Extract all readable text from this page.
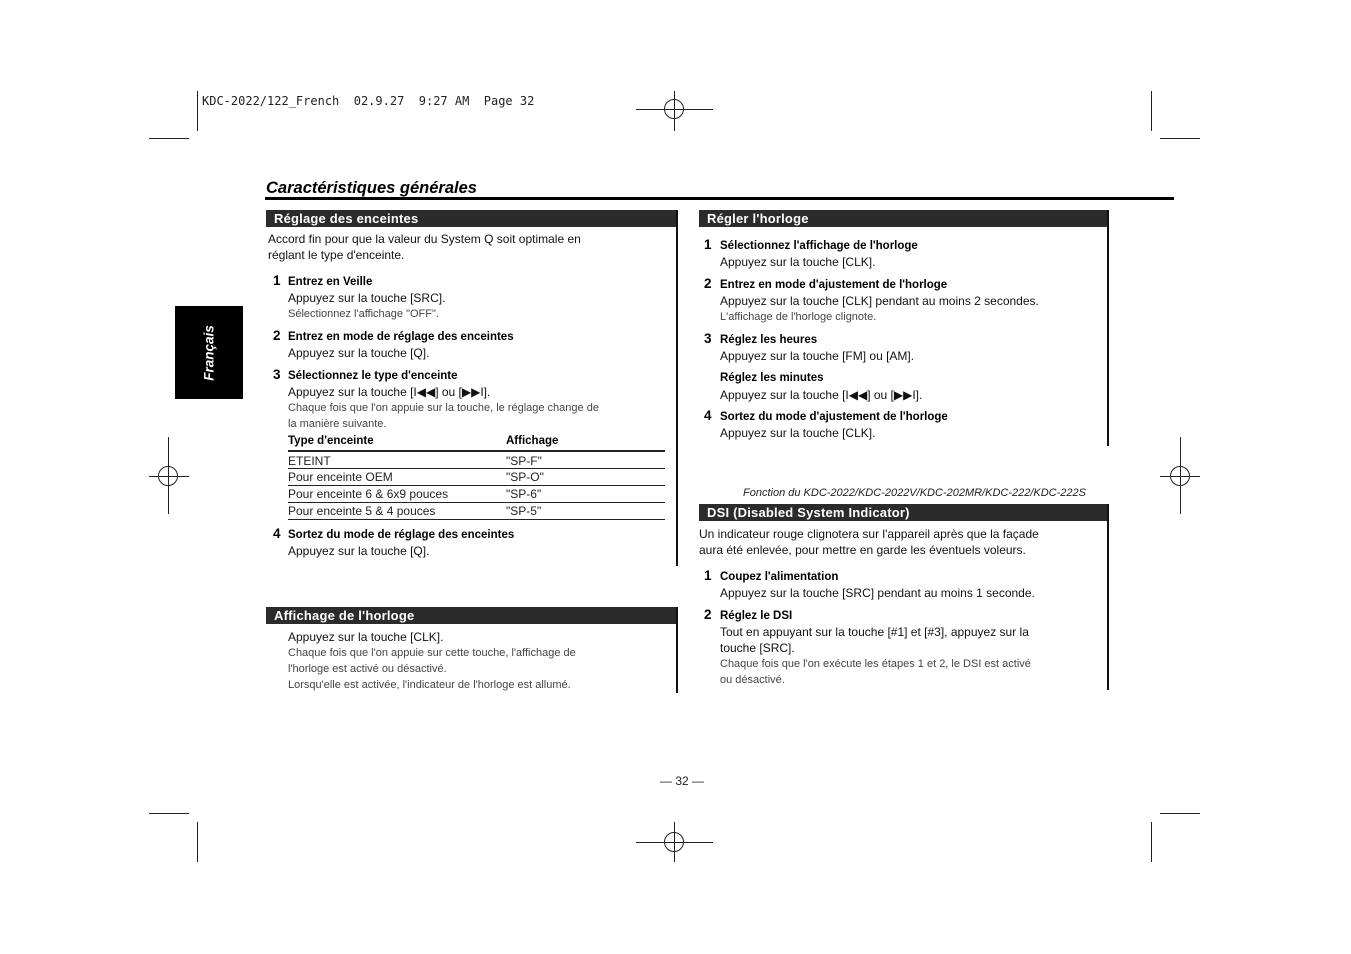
KDC-2022/122_French  02.9.27  9:27 AM  Page 32
Caractéristiques générales
Français
Réglage des enceintes
Accord fin pour que la valeur du System Q soit optimale en
réglant le type d'enceinte.
1 Entrez en Veille
Appuyez sur la touche [SRC].
Sélectionnez l'affichage "OFF".
2 Entrez en mode de réglage des enceintes
Appuyez sur la touche [Q].
3 Sélectionnez le type d'enceinte
Appuyez sur la touche [I◀◀] ou [▶▶I].
Chaque fois que l'on appuie sur la touche, le réglage change de
la manière suivante.
Type d'enceinte	Affichage
ETEINT	"SP-F"
Pour enceinte OEM	"SP-O"
Pour enceinte 6 & 6x9 pouces	"SP-6"
Pour enceinte 5 & 4 pouces	"SP-5"
4 Sortez du mode de réglage des enceintes
Appuyez sur la touche [Q].
Affichage de l'horloge
Appuyez sur la touche [CLK].
Chaque fois que l'on appuie sur cette touche, l'affichage de
l'horloge est activé ou désactivé.
Lorsqu'elle est activée, l'indicateur de l'horloge est allumé.
Régler l'horloge
1 Sélectionnez l'affichage de l'horloge
Appuyez sur la touche [CLK].
2 Entrez en mode d'ajustement de l'horloge
Appuyez sur la touche [CLK] pendant au moins 2 secondes.
L'affichage de l'horloge clignote.
3 Réglez les heures
Appuyez sur la touche [FM] ou [AM].
Réglez les minutes
Appuyez sur la touche [I◀◀] ou [▶▶I].
4 Sortez du mode d'ajustement de l'horloge
Appuyez sur la touche [CLK].
Fonction du KDC-2022/KDC-2022V/KDC-202MR/KDC-222/KDC-222S
DSI (Disabled System Indicator)
Un indicateur rouge clignotera sur l'appareil après que la façade
aura été enlevée, pour mettre en garde les éventuels voleurs.
1 Coupez l'alimentation
Appuyez sur la touche [SRC] pendant au moins 1 seconde.
2 Réglez le DSI
Tout en appuyant sur la touche [#1] et [#3], appuyez sur la
touche [SRC].
Chaque fois que l'on exécute les étapes 1 et 2, le DSI est activé
ou désactivé.
— 32 —
